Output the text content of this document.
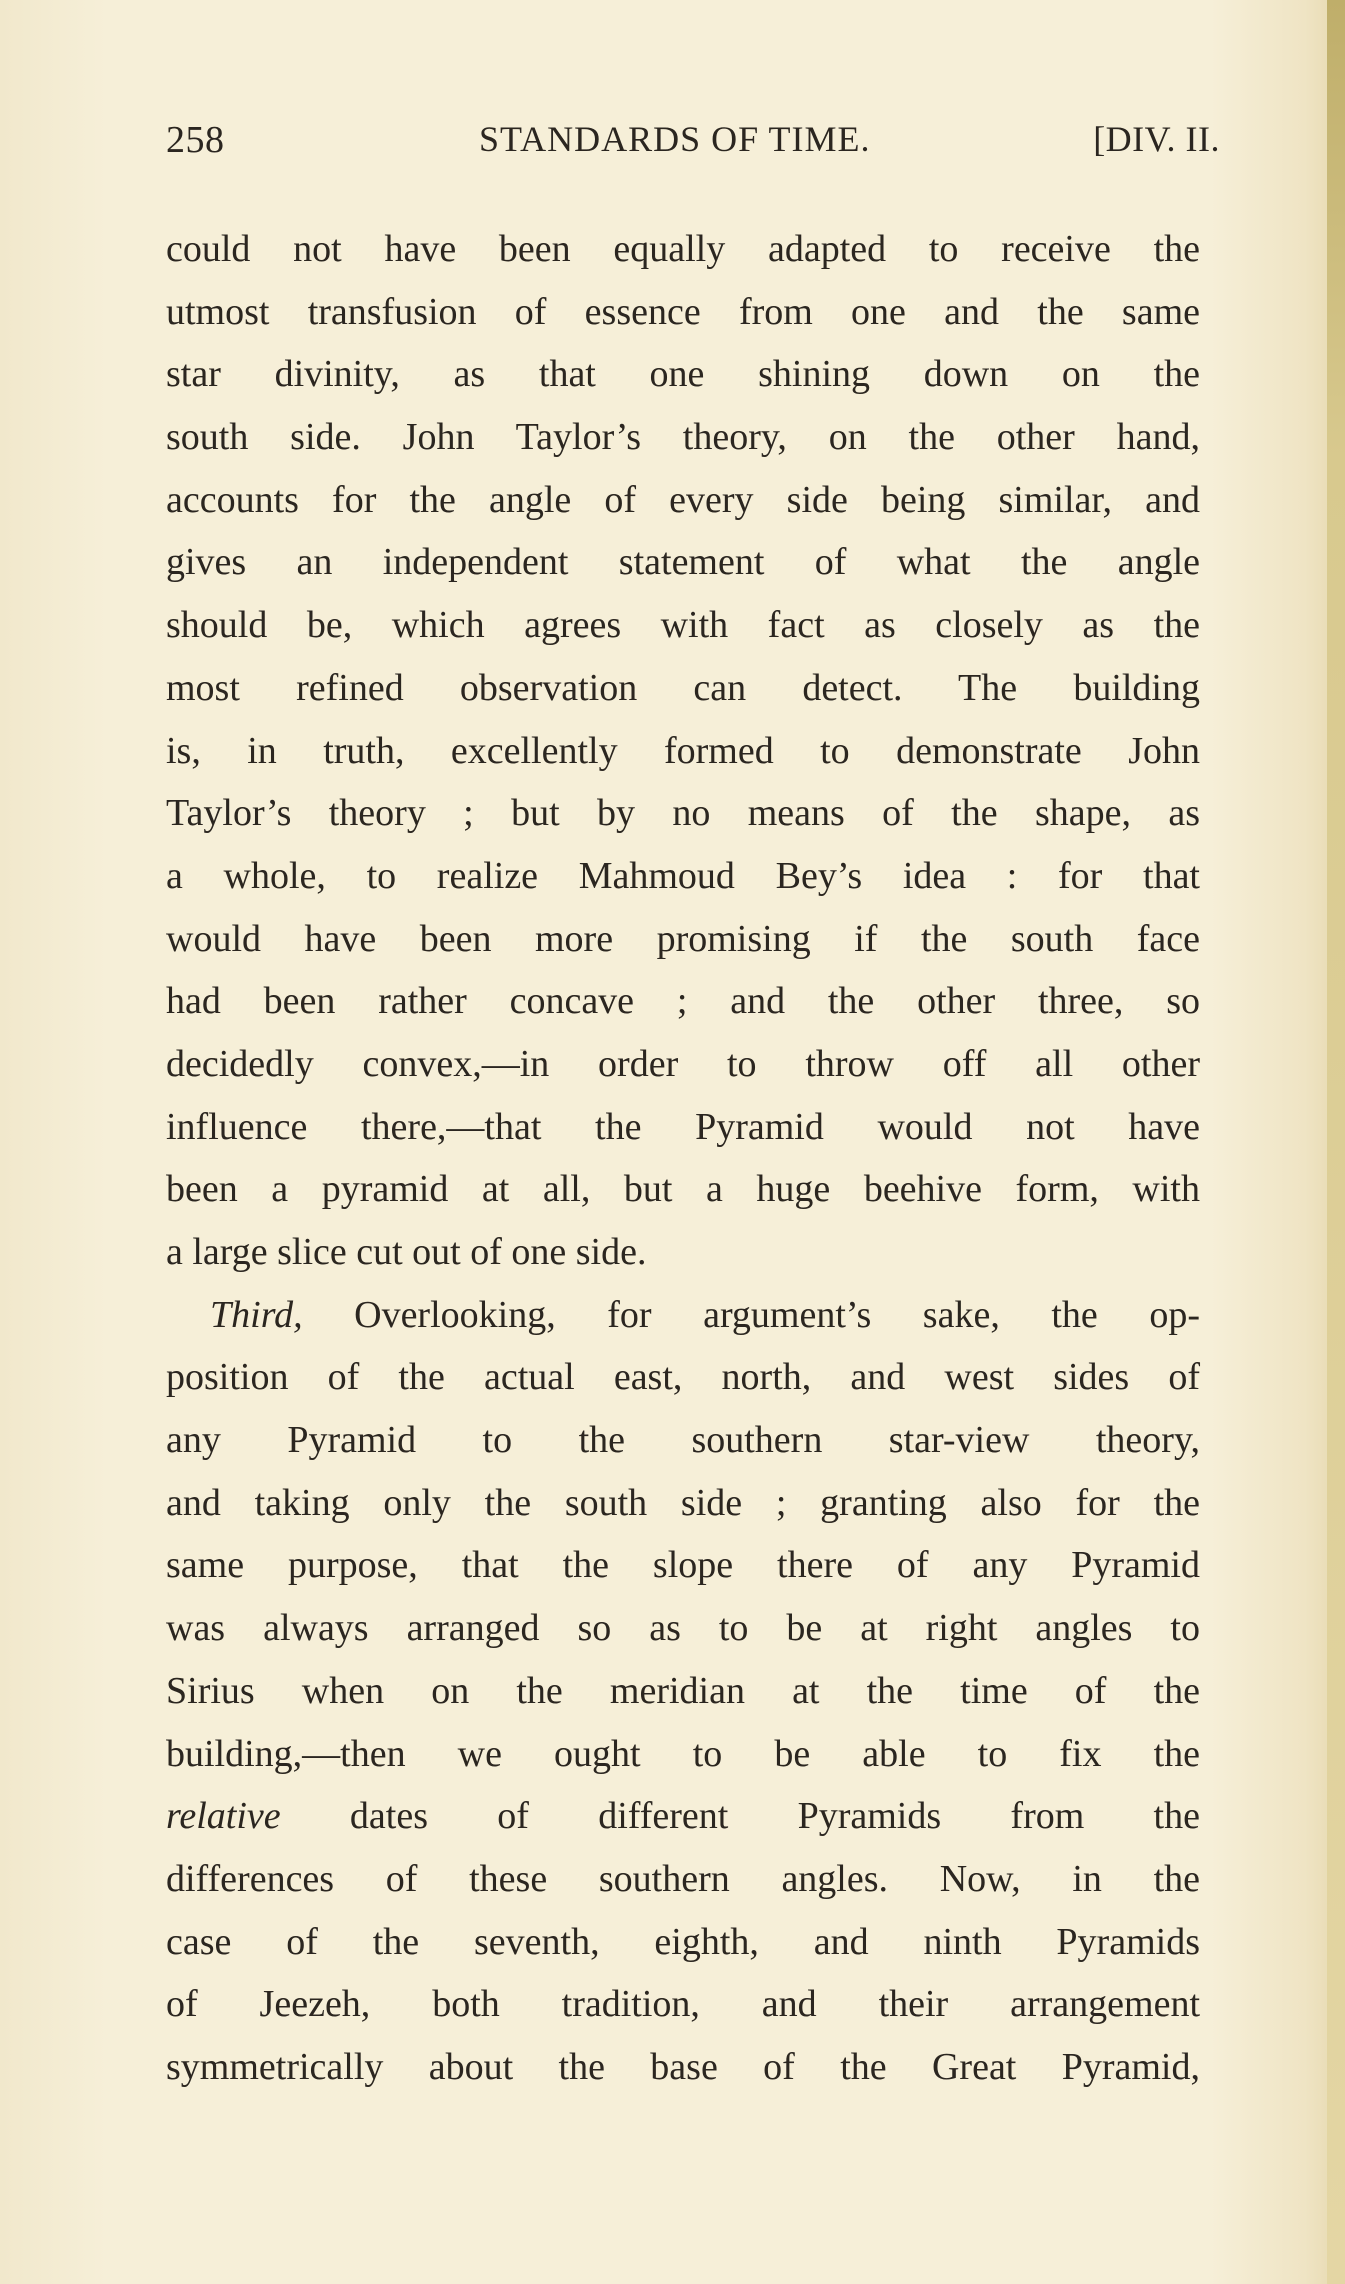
258	STANDARDS OF TIME.	[DIV. II.
could not have been equally adapted to receive the
utmost transfusion of essence from one and the same
star divinity, as that one shining down on the
south side. John Taylor’s theory, on the other hand,
accounts for the angle of every side being similar, and
gives an independent statement of what the angle
should be, which agrees with fact as closely as the
most refined observation can detect. The building
is, in truth, excellently formed to demonstrate John
Taylor’s theory ; but by no means of the shape, as
a whole, to realize Mahmoud Bey’s idea : for that
would have been more promising if the south face
had been rather concave ; and the other three, so
decidedly convex,—in order to throw off all other
influence there,—that the Pyramid would not have
been a pyramid at all, but a huge beehive form, with
a large slice cut out of one side.
Third, Overlooking, for argument’s sake, the op-
position of the actual east, north, and west sides of
any Pyramid to the southern star-view theory,
and taking only the south side ; granting also for the
same purpose, that the slope there of any Pyramid
was always arranged so as to be at right angles to
Sirius when on the meridian at the time of the
building,—then we ought to be able to fix the
relative dates of different Pyramids from the
differences of these southern angles. Now, in the
case of the seventh, eighth, and ninth Pyramids
of Jeezeh, both tradition, and their arrangement
symmetrically about the base of the Great Pyramid,
